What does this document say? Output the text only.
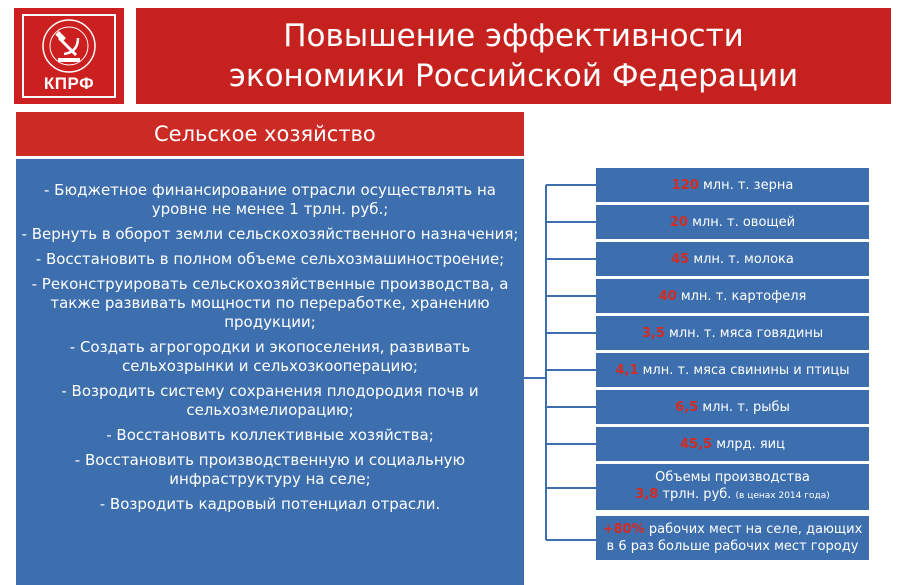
КПРФ
Повышение эффективности
экономики Российской Федерации
Сельское хозяйство
- Бюджетное финансирование отрасли осуществлять на уровне не менее 1 трлн. руб.;
- Вернуть в оборот земли сельскохозяйственного назначения;
- Восстановить в полном объеме сельхозмашиностроение;
- Реконструировать сельскохозяйственные производства, а также развивать мощности по переработке, хранению продукции;
- Создать агрогородки и экопоселения, развивать сельхозрынки и сельхозкооперацию;
- Возродить систему сохранения плодородия почв и сельхозмелиорацию;
- Восстановить коллективные хозяйства;
- Восстановить производственную и социальную инфраструктуру на селе;
- Возродить кадровый потенциал отрасли.
120 млн. т. зерна
20 млн. т. овощей
45 млн. т. молока
40 млн. т. картофеля
3,5 млн. т. мяса говядины
4,1 млн. т. мяса свинины и птицы
6,5 млн. т. рыбы
45,5 млрд. яиц
Объемы производства
3,8 трлн. руб. (в ценах 2014 года)
+80% рабочих мест на селе, дающих
в 6 раз больше рабочих мест городу
